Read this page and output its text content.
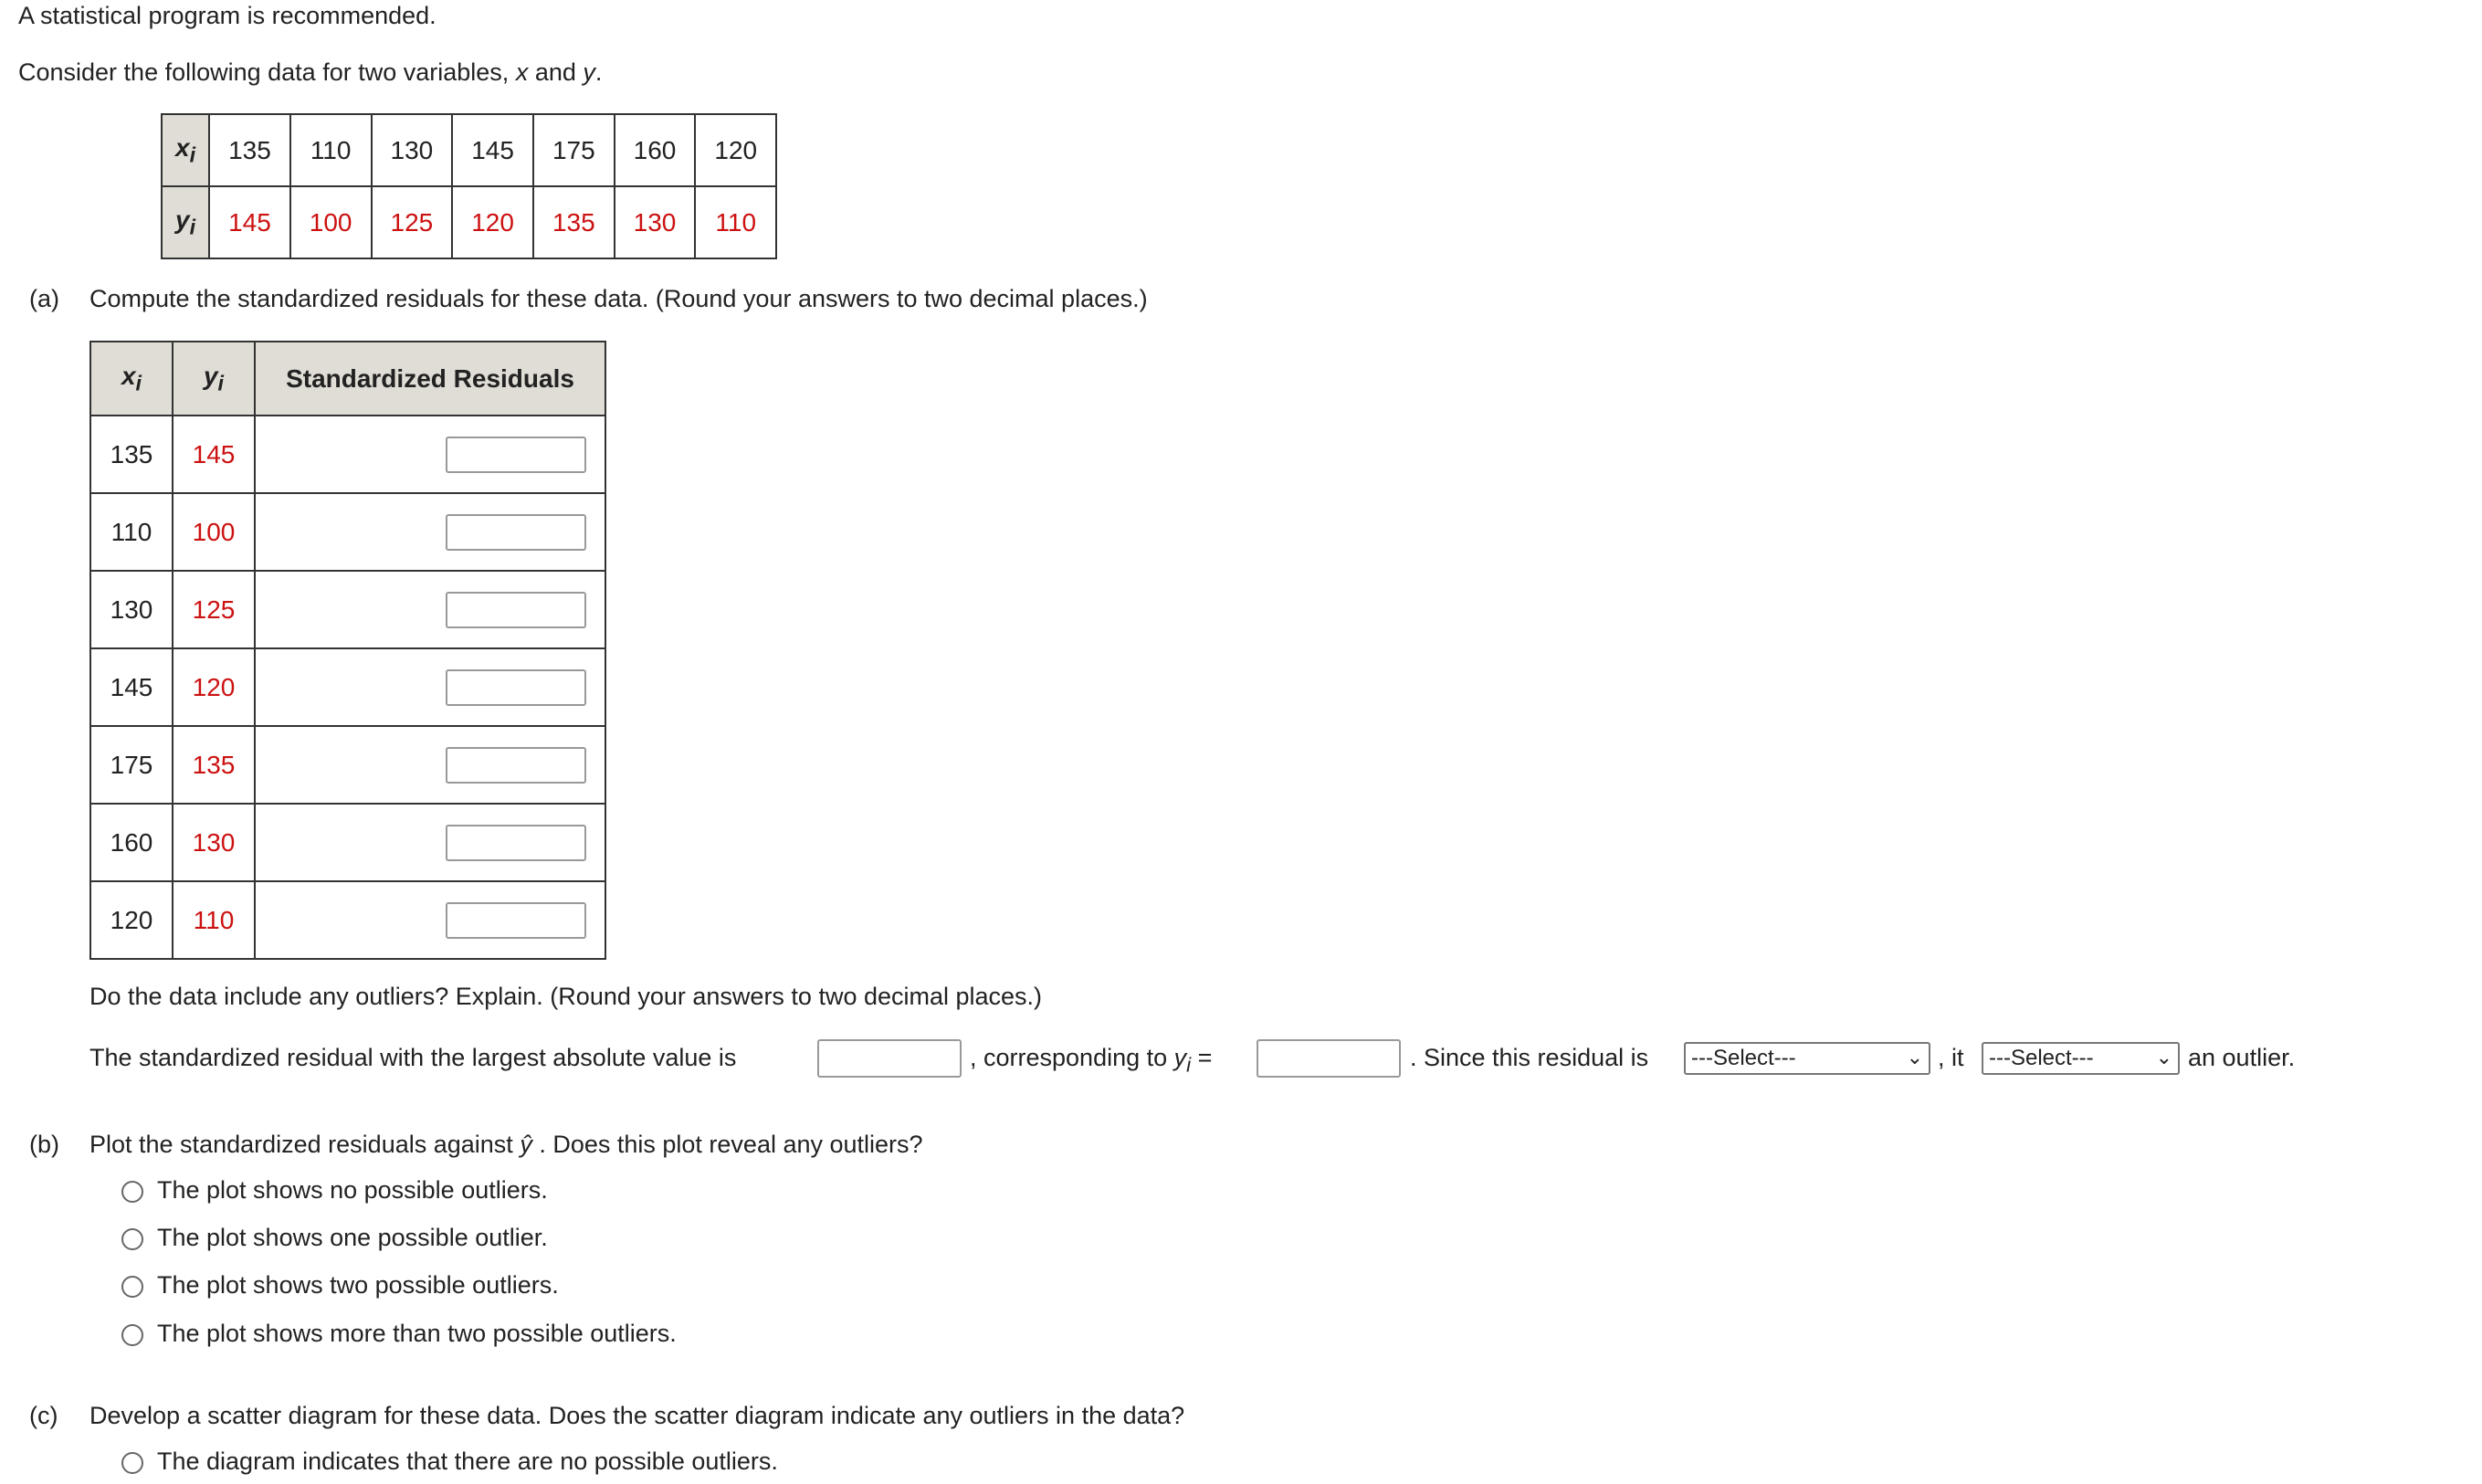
A statistical program is recommended.
Consider the following data for two variables, x and y.
$x_i$	135	110	130	145	175	160	120
$y_i$	145	100	125	120	135	130	110
(a) Compute the standardized residuals for these data. (Round your answers to two decimal places.)
$x_i$	$y_i$	Standardized Residuals
135	145	
110	100	
130	125	
145	120	
175	135	
160	130	
120	110	
Do the data include any outliers? Explain. (Round your answers to two decimal places.)
The standardized residual with the largest absolute value is	, corresponding to $y_i$ =	. Since this residual is	---Select---	⌄ , it	---Select---	⌄ an outlier.
(b) Plot the standardized residuals against ŷ . Does this plot reveal any outliers?
The plot shows no possible outliers.
The plot shows one possible outlier.
The plot shows two possible outliers.
The plot shows more than two possible outliers.
(c) Develop a scatter diagram for these data. Does the scatter diagram indicate any outliers in the data?
The diagram indicates that there are no possible outliers.
